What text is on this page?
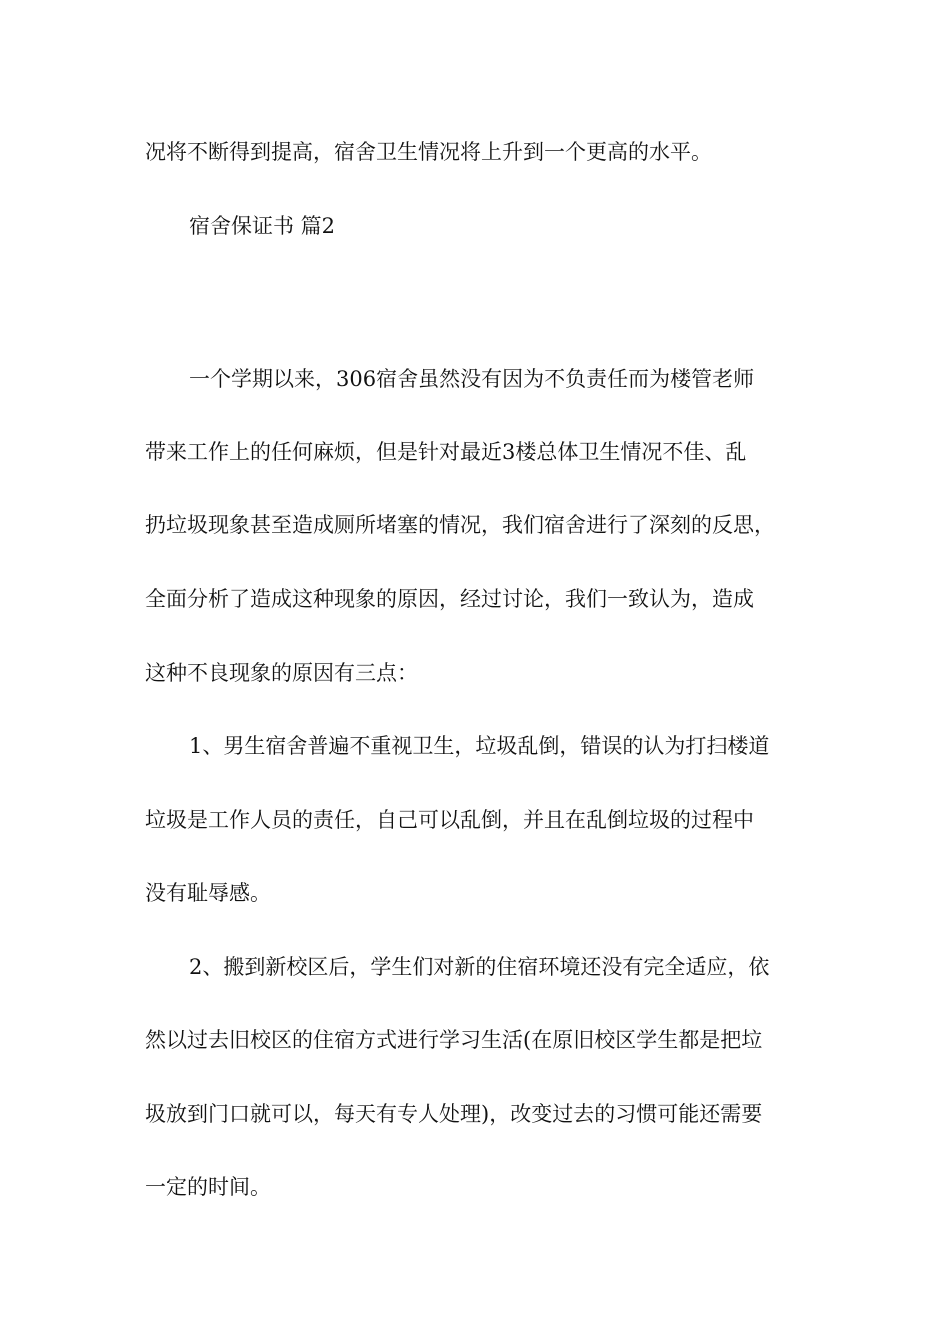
况将不断得到提高，宿舍卫生情况将上升到一个更高的水平。
宿舍保证书 篇2
一个学期以来，306宿舍虽然没有因为不负责任而为楼管老师
带来工作上的任何麻烦，但是针对最近3楼总体卫生情况不佳、乱
扔垃圾现象甚至造成厕所堵塞的情况，我们宿舍进行了深刻的反思，
全面分析了造成这种现象的原因，经过讨论，我们一致认为，造成
这种不良现象的原因有三点：
1、男生宿舍普遍不重视卫生，垃圾乱倒，错误的认为打扫楼道
垃圾是工作人员的责任，自己可以乱倒，并且在乱倒垃圾的过程中
没有耻辱感。
2、搬到新校区后，学生们对新的住宿环境还没有完全适应，依
然以过去旧校区的住宿方式进行学习生活(在原旧校区学生都是把垃
圾放到门口就可以，每天有专人处理)，改变过去的习惯可能还需要
一定的时间。
